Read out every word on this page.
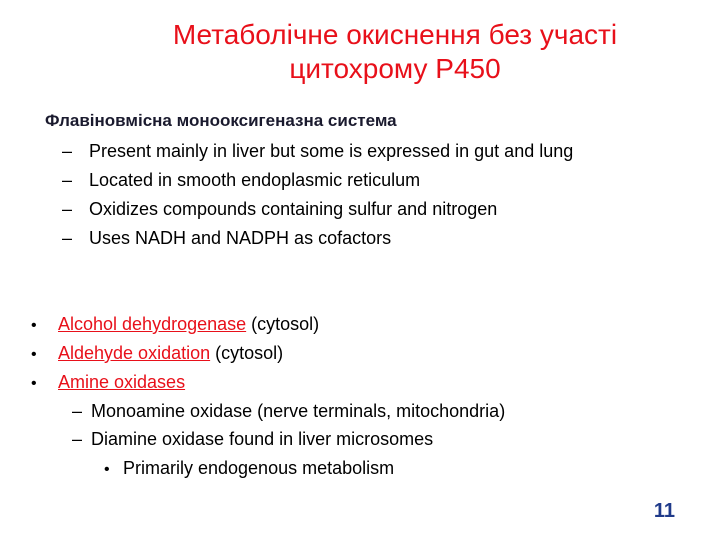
Метаболічне окиснення без участі
цитохрому Р450
Флавіновмісна монооксигеназна система
– Present mainly in liver but some is expressed in gut and lung
– Located in smooth endoplasmic reticulum
– Oxidizes compounds containing sulfur and nitrogen
– Uses NADH and NADPH as cofactors
• Alcohol dehydrogenase (cytosol)
• Aldehyde oxidation (cytosol)
• Amine oxidases
– Monoamine oxidase (nerve terminals, mitochondria)
– Diamine oxidase found in liver microsomes
• Primarily endogenous metabolism
11
